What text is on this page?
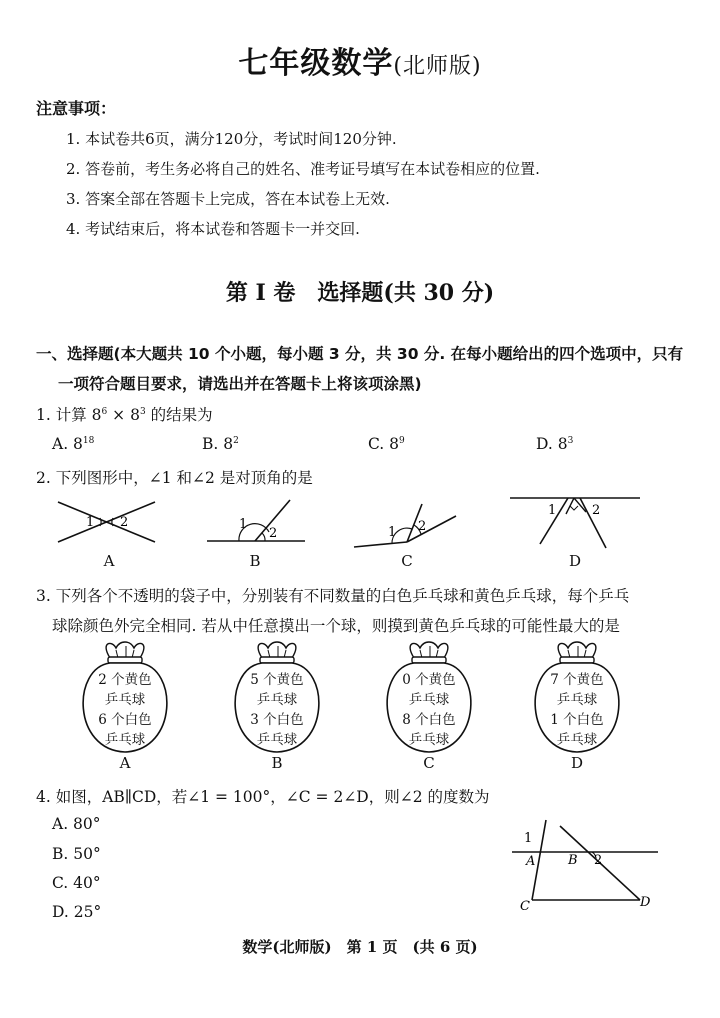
七年级数学(北师版)
注意事项：
1. 本试卷共6页，满分120分，考试时间120分钟.
2. 答卷前，考生务必将自己的姓名、准考证号填写在本试卷相应的位置.
3. 答案全部在答题卡上完成，答在本试卷上无效.
4. 考试结束后，将本试卷和答题卡一并交回.
第 I 卷　选择题(共 30 分)
一、选择题(本大题共 10 个小题，每小题 3 分，共 30 分. 在每小题给出的四个选项中，只有
一项符合题目要求，请选出并在答题卡上将该项涂黑)
1. 计算 $8^6 \times 8^3$ 的结果为
A. $8^{18}$	B. $8^2$	C. $8^9$	D. $8^3$
2. 下列图形中，∠1 和∠2 是对顶角的是
1 2	1
2	1 2
1	2
A	B	C	D
3. 下列各个不透明的袋子中，分别装有不同数量的白色乒乓球和黄色乒乓球，每个乒乓
球除颜色外完全相同. 若从中任意摸出一个球，则摸到黄色乒乓球的可能性最大的是
2 个黄色
乒乓球
6 个白色
乒乓球
5 个黄色
乒乓球
3 个白色
乒乓球
0 个黄色
乒乓球
8 个白色
乒乓球
7 个黄色
乒乓球
1 个白色
乒乓球
A	B	C	D
4. 如图，AB∥CD，若∠1 = 100°，∠C = 2∠D，则∠2 的度数为
A. 80°
B. 50°
C. 40°
D. 25°
1
A	B 2
C	D
数学(北师版)　第 1 页　(共 6 页)
